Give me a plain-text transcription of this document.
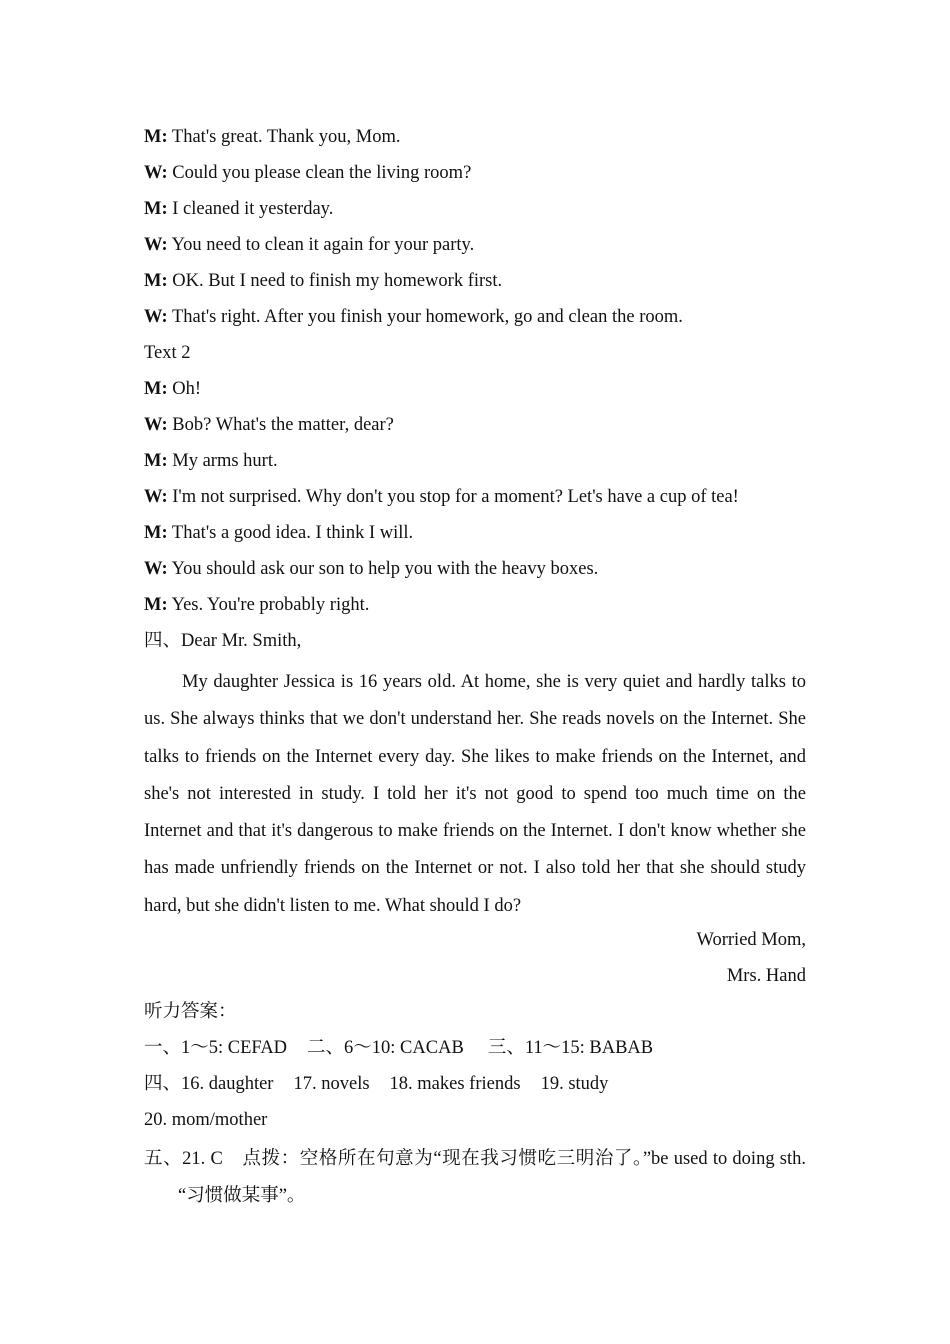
M: That's great. Thank you, Mom.
W: Could you please clean the living room?
M: I cleaned it yesterday.
W: You need to clean it again for your party.
M: OK. But I need to finish my homework first.
W: That's right. After you finish your homework, go and clean the room.
Text 2
M: Oh!
W: Bob? What's the matter, dear?
M: My arms hurt.
W: I'm not surprised. Why don't you stop for a moment? Let's have a cup of tea!
M: That's a good idea. I think I will.
W: You should ask our son to help you with the heavy boxes.
M: Yes. You're probably right.
四、Dear Mr. Smith,
My daughter Jessica is 16 years old. At home, she is very quiet and hardly talks to us. She always thinks that we don't understand her. She reads novels on the Internet. She talks to friends on the Internet every day. She likes to make friends on the Internet, and she's not interested in study. I told her it's not good to spend too much time on the Internet and that it's dangerous to make friends on the Internet. I don't know whether she has made unfriendly friends on the Internet or not. I also told her that she should study hard, but she didn't listen to me. What should I do?
Worried Mom,
Mrs. Hand
听力答案：
一、1～5: CEFAD 二、6～10: CACAB 三、11～15: BABAB
四、16. daughter 17. novels 18. makes friends 19. study
20. mom/mother
五、21. C　点拨：空格所在句意为“现在我习惯吃三明治了。”be used to doing sth. “习惯做某事”。
